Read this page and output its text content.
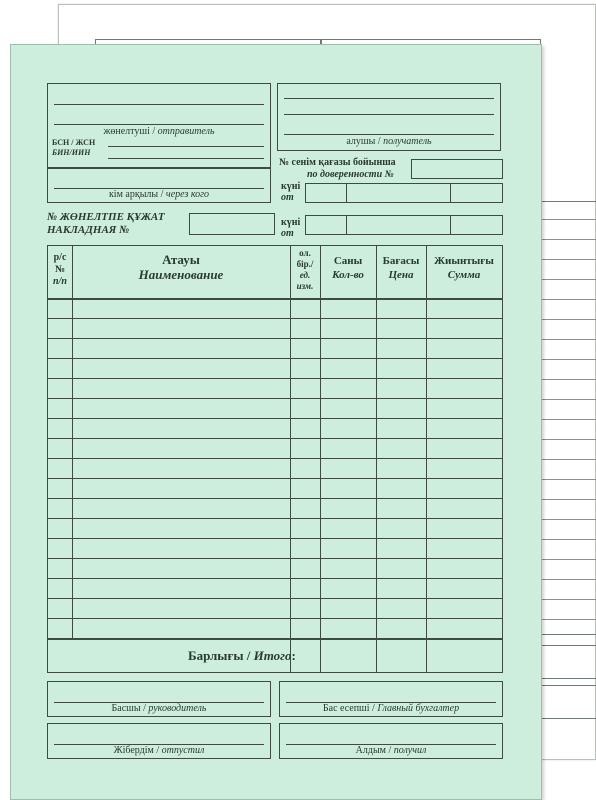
жөнелтуші / отправитель
БСН / ЖСН
БИН/ИИН
алушы / получатель
кім арқылы / через кого
№ сенім қағазы бойынша
по доверенности №
күні
от
№ ЖӨНЕЛТПЕ ҚҰЖАТ
НАКЛАДНАЯ №
күні
от
р/с
№
п/п
Атауы
Наименование
ол.
бір./
ед.
изм.
Саны
Кол-во
Бағасы
Цена
Жиынтығы
Сумма
Барлығы / Итого:
Басшы / руководитель	Бас есепші / Главный бухгалтер
Жібердім / отпустил	Алдым / получил
